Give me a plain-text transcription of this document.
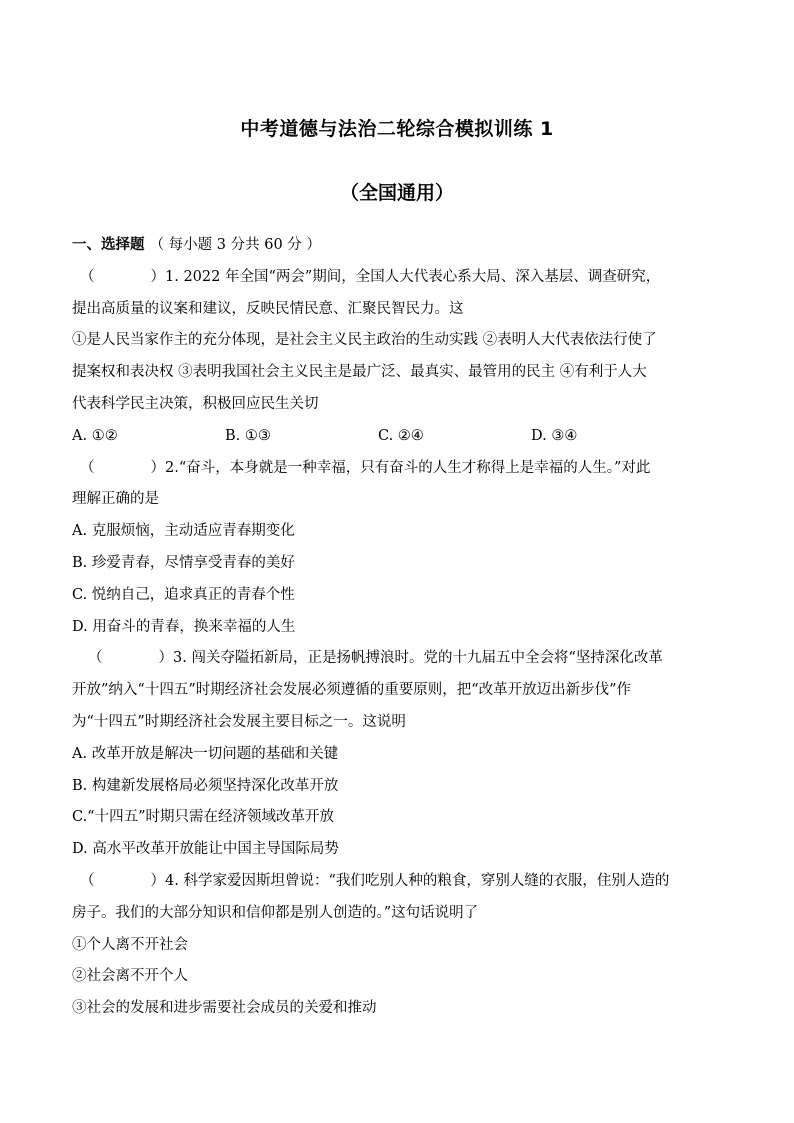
中考道德与法治二轮综合模拟训练 1
（全国通用）
一、选择题 （ 每小题 3 分共 60 分 ）
（	）1. 2022 年全国“两会”期间，全国人大代表心系大局、深入基层、调查研究，
提出高质量的议案和建议，反映民情民意、汇聚民智民力。这
①是人民当家作主的充分体现，是社会主义民主政治的生动实践 ②表明人大代表依法行使了
提案权和表决权 ③表明我国社会主义民主是最广泛、最真实、最管用的民主 ④有利于人大
代表科学民主决策，积极回应民生关切
A. ①②	B. ①③	C. ②④	D. ③④
（	）2.“奋斗，本身就是一种幸福，只有奋斗的人生才称得上是幸福的人生。”对此
理解正确的是
A. 克服烦恼，主动适应青春期变化
B. 珍爱青春，尽情享受青春的美好
C. 悦纳自己，追求真正的青春个性
D. 用奋斗的青春，换来幸福的人生
（	）3. 闯关夺隘拓新局，正是扬帆搏浪时。党的十九届五中全会将“坚持深化改革
开放”纳入“十四五”时期经济社会发展必须遵循的重要原则，把“改革开放迈出新步伐”作
为“十四五”时期经济社会发展主要目标之一。这说明
A. 改革开放是解决一切问题的基础和关键
B. 构建新发展格局必须坚持深化改革开放
C.“十四五”时期只需在经济领域改革开放
D. 高水平改革开放能让中国主导国际局势
（	）4. 科学家爱因斯坦曾说：“我们吃别人种的粮食，穿别人缝的衣服，住别人造的
房子。我们的大部分知识和信仰都是别人创造的。”这句话说明了
①个人离不开社会
②社会离不开个人
③社会的发展和进步需要社会成员的关爱和推动
